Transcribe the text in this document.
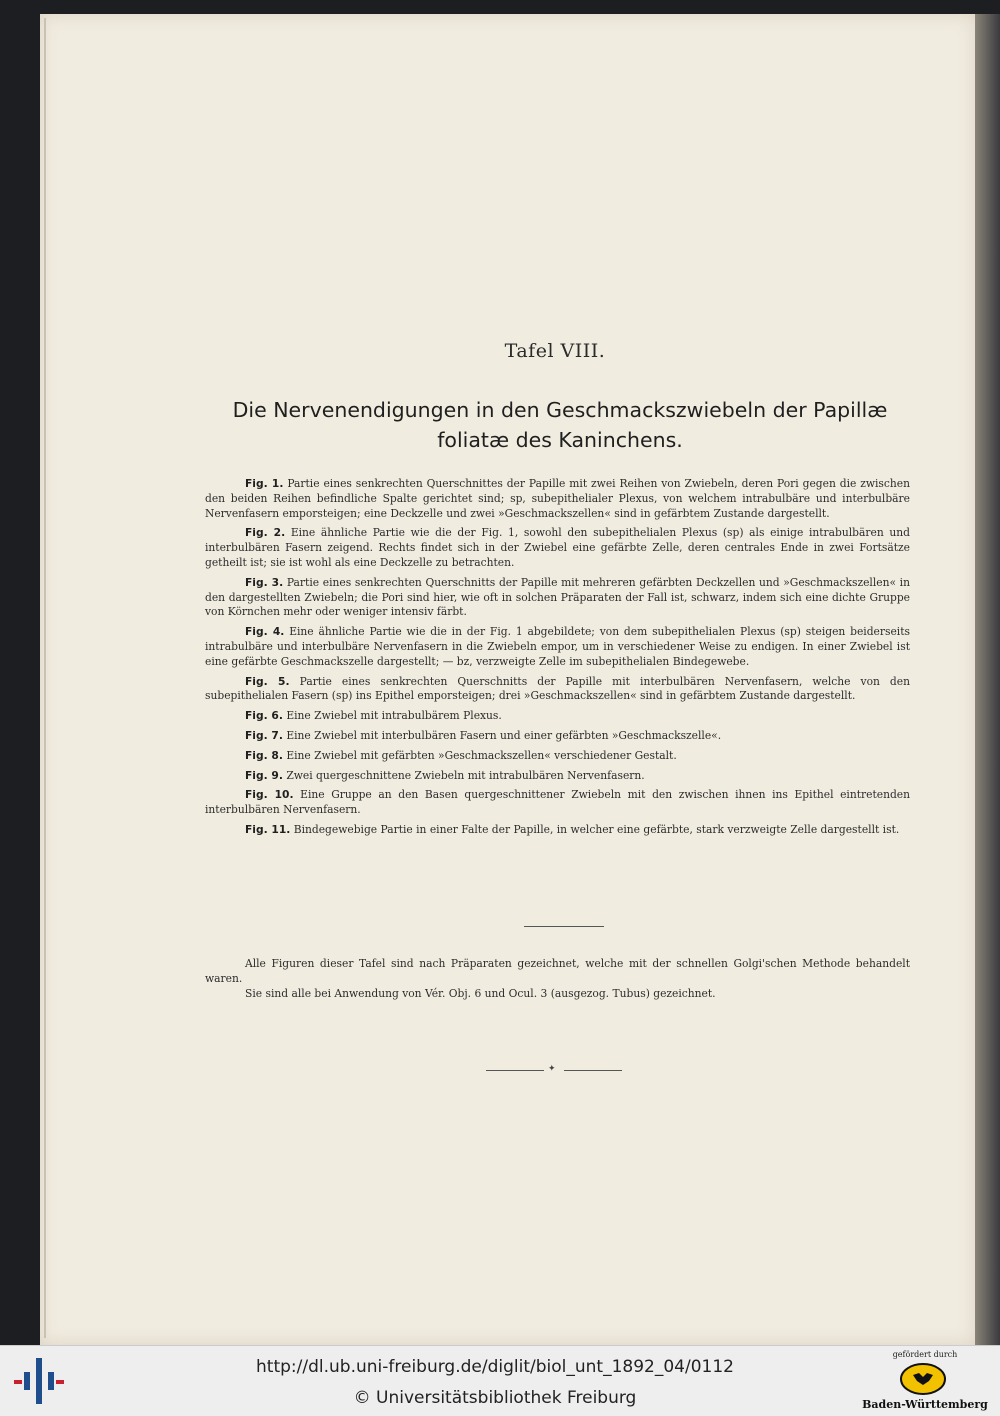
Tafel VIII.
Die Nervenendigungen in den Geschmackszwiebeln der Papillæ
foliatæ des Kaninchens.

Fig. 1. Partie eines senkrechten Querschnittes der Papille mit zwei Reihen von Zwiebeln, deren Pori gegen die zwischen den beiden Reihen befindliche Spalte gerichtet sind; sp, subepithelialer Plexus, von welchem intrabulbäre und interbulbäre Nervenfasern emporsteigen; eine Deckzelle und zwei »Geschmackszellen« sind in gefärbtem Zustande dargestellt.

Fig. 2. Eine ähnliche Partie wie die der Fig. 1, sowohl den subepithelialen Plexus (sp) als einige intrabulbären und interbulbären Fasern zeigend. Rechts findet sich in der Zwiebel eine gefärbte Zelle, deren centrales Ende in zwei Fortsätze getheilt ist; sie ist wohl als eine Deckzelle zu betrachten.

Fig. 3. Partie eines senkrechten Querschnitts der Papille mit mehreren gefärbten Deckzellen und »Geschmackszellen« in den dargestellten Zwiebeln; die Pori sind hier, wie oft in solchen Präparaten der Fall ist, schwarz, indem sich eine dichte Gruppe von Körnchen mehr oder weniger intensiv färbt.

Fig. 4. Eine ähnliche Partie wie die in der Fig. 1 abgebildete; von dem subepithelialen Plexus (sp) steigen beiderseits intrabulbäre und interbulbäre Nervenfasern in die Zwiebeln empor, um in verschiedener Weise zu endigen. In einer Zwiebel ist eine gefärbte Geschmackszelle dargestellt; — bz, verzweigte Zelle im subepithelialen Bindegewebe.

Fig. 5. Partie eines senkrechten Querschnitts der Papille mit interbulbären Nervenfasern, welche von den subepithelialen Fasern (sp) ins Epithel emporsteigen; drei »Geschmackszellen« sind in gefärbtem Zustande dargestellt.

Fig. 6. Eine Zwiebel mit intrabulbärem Plexus.

Fig. 7. Eine Zwiebel mit interbulbären Fasern und einer gefärbten »Geschmackszelle«.

Fig. 8. Eine Zwiebel mit gefärbten »Geschmackszellen« verschiedener Gestalt.

Fig. 9. Zwei quergeschnittene Zwiebeln mit intrabulbären Nervenfasern.

Fig. 10. Eine Gruppe an den Basen quergeschnittener Zwiebeln mit den zwischen ihnen ins Epithel eintretenden interbulbären Nervenfasern.

Fig. 11. Bindegewebige Partie in einer Falte der Papille, in welcher eine gefärbte, stark verzweigte Zelle dargestellt ist.

Alle Figuren dieser Tafel sind nach Präparaten gezeichnet, welche mit der schnellen Golgi'schen Methode behandelt waren.
Sie sind alle bei Anwendung von Vér. Obj. 6 und Ocul. 3 (ausgezog. Tubus) gezeichnet.
✦
http://dl.ub.uni-freiburg.de/diglit/biol_unt_1892_04/0112
© Universitätsbibliothek Freiburg
gefördert durch
Baden-Württemberg
